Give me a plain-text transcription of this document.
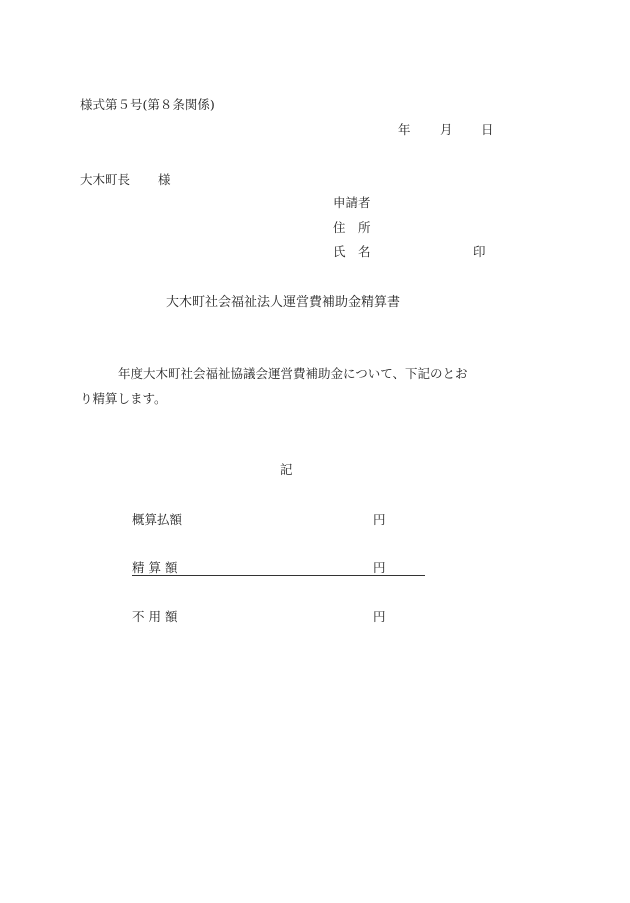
様式第５号(第８条関係)
年 月 日
大木町長 様
申請者
住　所
氏　名	印
大木町社会福祉法人運営費補助金精算書
年度大木町社会福祉協議会運営費補助金について、下記のとお
り精算します。
記
概算払額	円
精 算 額	円
不 用 額	円
